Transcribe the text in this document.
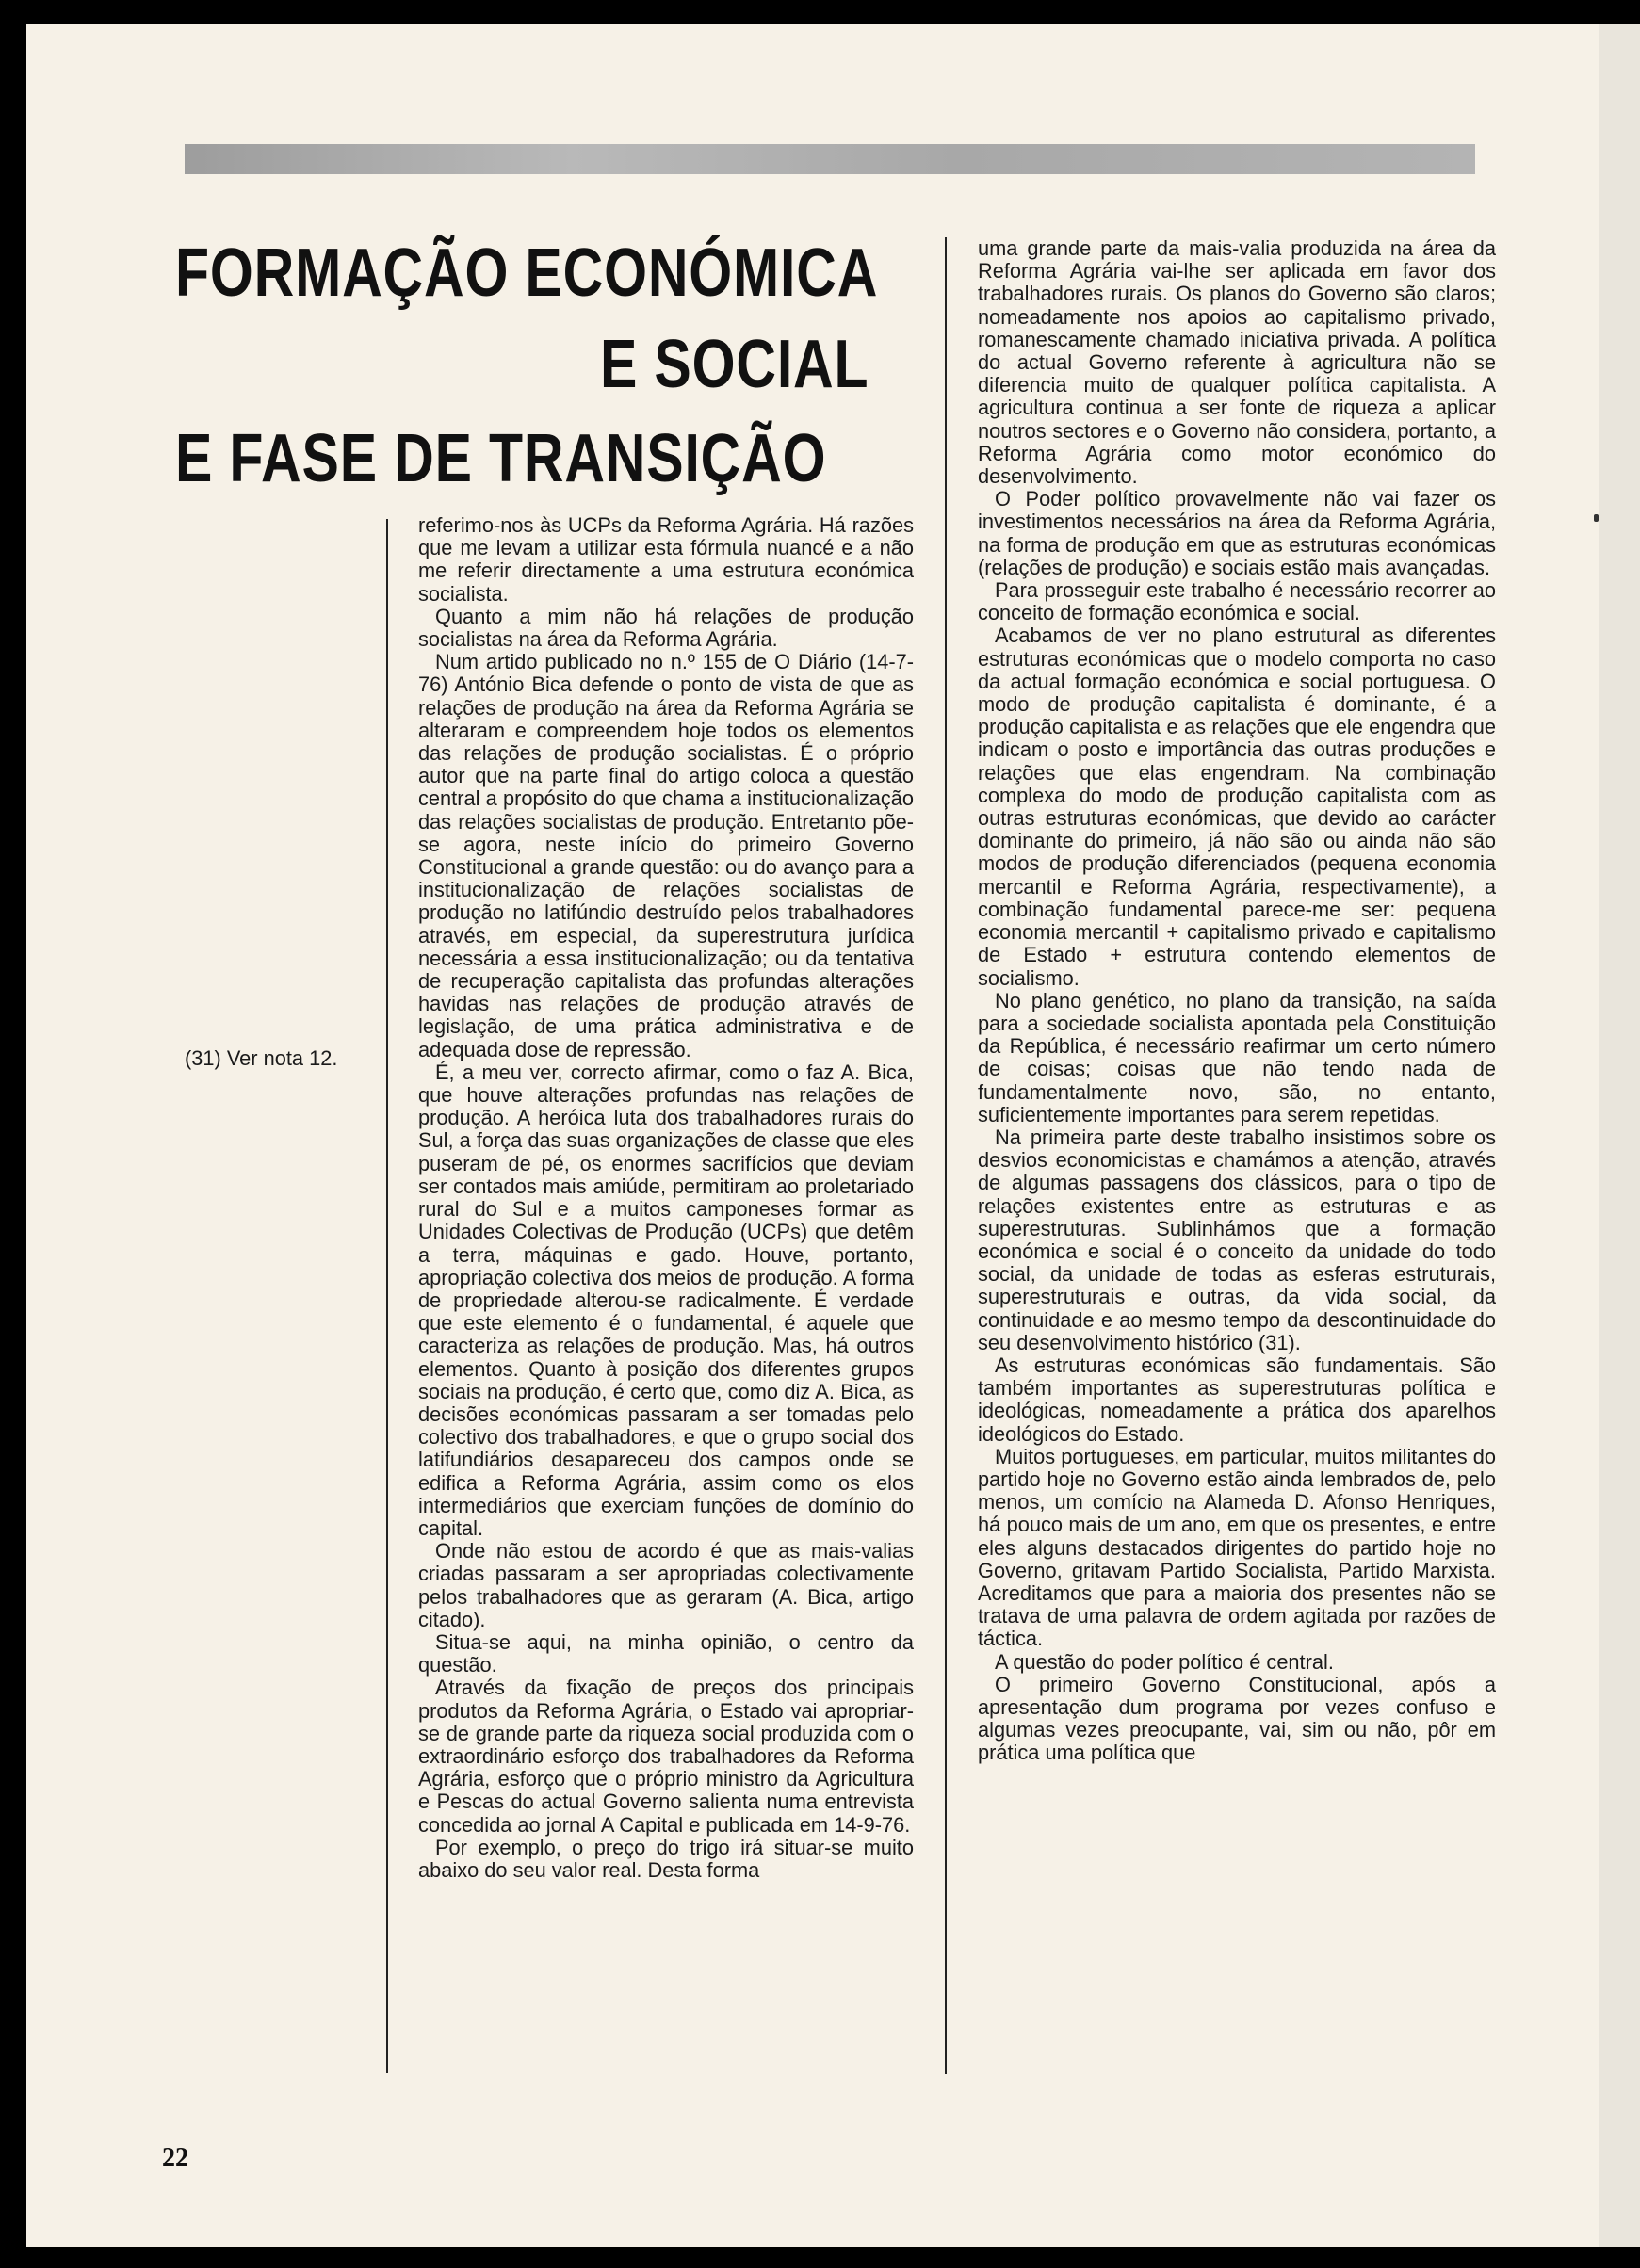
FORMAÇÃO ECONÓMICA
E SOCIAL
E FASE DE TRANSIÇÃO

referimo-nos às UCPs da Reforma Agrária. Há razões que me levam a utilizar esta fórmula nuancé e a não me referir directamente a uma estrutura económica socialista.

Quanto a mim não há relações de produção socialistas na área da Reforma Agrária.

Num artido publicado no n.º 155 de O Diário (14-7-76) António Bica defende o ponto de vista de que as relações de produção na área da Reforma Agrária se alteraram e compreendem hoje todos os elementos das relações de produção socialistas. É o próprio autor que na parte final do artigo coloca a questão central a propósito do que chama a institucionalização das relações socialistas de produção. Entretanto põe-se agora, neste início do primeiro Governo Constitucional a grande questão: ou do avanço para a institucionalização de relações socialistas de produção no latifúndio destruído pelos trabalhadores através, em especial, da superestrutura jurídica necessária a essa institucionalização; ou da tentativa de recuperação capitalista das profundas alterações havidas nas relações de produção através de legislação, de uma prática administrativa e de adequada dose de repressão.

É, a meu ver, correcto afirmar, como o faz A. Bica, que houve alterações profundas nas relações de produção. A heróica luta dos trabalhadores rurais do Sul, a força das suas organizações de classe que eles puseram de pé, os enormes sacrifícios que deviam ser contados mais amiúde, permitiram ao proletariado rural do Sul e a muitos camponeses formar as Unidades Colectivas de Produção (UCPs) que detêm a terra, máquinas e gado. Houve, portanto, apropriação colectiva dos meios de produção. A forma de propriedade alterou-se radicalmente. É verdade que este elemento é o fundamental, é aquele que caracteriza as relações de produção. Mas, há outros elementos. Quanto à posição dos diferentes grupos sociais na produção, é certo que, como diz A. Bica, as decisões económicas passaram a ser tomadas pelo colectivo dos trabalhadores, e que o grupo social dos latifundiários desapareceu dos campos onde se edifica a Reforma Agrária, assim como os elos intermediários que exerciam funções de domínio do capital.

Onde não estou de acordo é que as mais-valias criadas passaram a ser apropriadas colectivamente pelos trabalhadores que as geraram (A. Bica, artigo citado).

Situa-se aqui, na minha opinião, o centro da questão.

Através da fixação de preços dos principais produtos da Reforma Agrária, o Estado vai apropriar-se de grande parte da riqueza social produzida com o extraordinário esforço dos trabalhadores da Reforma Agrária, esforço que o próprio ministro da Agricultura e Pescas do actual Governo salienta numa entrevista concedida ao jornal A Capital e publicada em 14-9-76.

Por exemplo, o preço do trigo irá situar-se muito abaixo do seu valor real. Desta forma

uma grande parte da mais-valia produzida na área da Reforma Agrária vai-lhe ser aplicada em favor dos trabalhadores rurais. Os planos do Governo são claros; nomeadamente nos apoios ao capitalismo privado, romanescamente chamado iniciativa privada. A política do actual Governo referente à agricultura não se diferencia muito de qualquer política capitalista. A agricultura continua a ser fonte de riqueza a aplicar noutros sectores e o Governo não considera, portanto, a Reforma Agrária como motor económico do desenvolvimento.

O Poder político provavelmente não vai fazer os investimentos necessários na área da Reforma Agrária, na forma de produção em que as estruturas económicas (relações de produção) e sociais estão mais avançadas.

Para prosseguir este trabalho é necessário recorrer ao conceito de formação económica e social.

Acabamos de ver no plano estrutural as diferentes estruturas económicas que o modelo comporta no caso da actual formação económica e social portuguesa. O modo de produção capitalista é dominante, é a produção capitalista e as relações que ele engendra que indicam o posto e importância das outras produções e relações que elas engendram. Na combinação complexa do modo de produção capitalista com as outras estruturas económicas, que devido ao carácter dominante do primeiro, já não são ou ainda não são modos de produção diferenciados (pequena economia mercantil e Reforma Agrária, respectivamente), a combinação fundamental parece-me ser: pequena economia mercantil + capitalismo privado e capitalismo de Estado + estrutura contendo elementos de socialismo.

No plano genético, no plano da transição, na saída para a sociedade socialista apontada pela Constituição da República, é necessário reafirmar um certo número de coisas; coisas que não tendo nada de fundamentalmente novo, são, no entanto, suficientemente importantes para serem repetidas.

Na primeira parte deste trabalho insistimos sobre os desvios economicistas e chamámos a atenção, através de algumas passagens dos clássicos, para o tipo de relações existentes entre as estruturas e as superestruturas. Sublinhámos que a formação económica e social é o conceito da unidade do todo social, da unidade de todas as esferas estruturais, superestruturais e outras, da vida social, da continuidade e ao mesmo tempo da descontinuidade do seu desenvolvimento histórico (31).

As estruturas económicas são fundamentais. São também importantes as superestruturas política e ideológicas, nomeadamente a prática dos aparelhos ideológicos do Estado.

Muitos portugueses, em particular, muitos militantes do partido hoje no Governo estão ainda lembrados de, pelo menos, um comício na Alameda D. Afonso Henriques, há pouco mais de um ano, em que os presentes, e entre eles alguns destacados dirigentes do partido hoje no Governo, gritavam Partido Socialista, Partido Marxista. Acreditamos que para a maioria dos presentes não se tratava de uma palavra de ordem agitada por razões de táctica.

A questão do poder político é central.

O primeiro Governo Constitucional, após a apresentação dum programa por vezes confuso e algumas vezes preocupante, vai, sim ou não, pôr em prática uma política que

(31) Ver nota 12.
22
